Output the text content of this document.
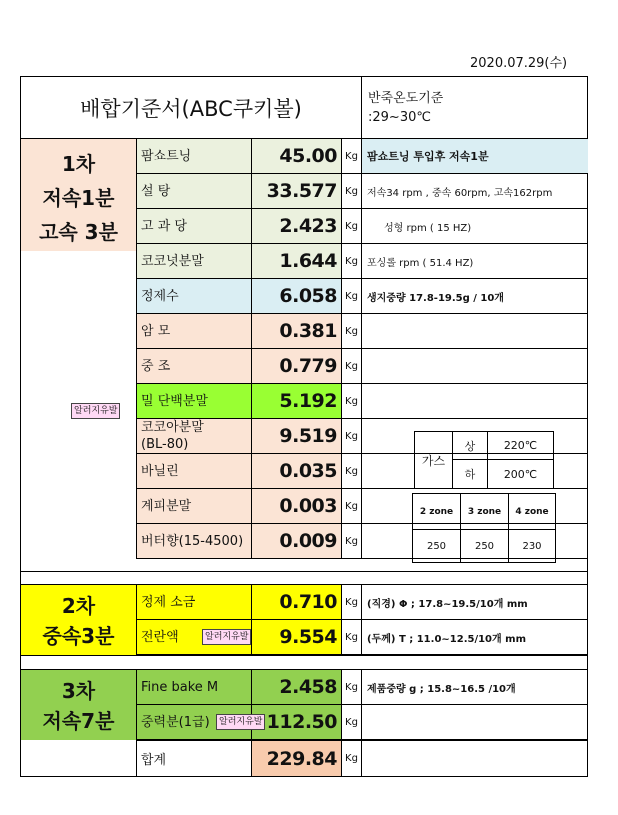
2020.07.29(수)
배합기준서(ABC쿠키볼)	반죽온도기준
:29~30℃
1차
저속1분
고속 3분
팜쇼트닝	45.00 Kg 팜쇼트닝 투입후 저속1분
설 탕	33.577 Kg 저속34 rpm , 중속 60rpm, 고속162rpm
고 과 당	2.423 Kg	성형 rpm ( 15 HZ)
코코넛분말	1.644 Kg 포싱롤 rpm ( 51.4 HZ)
정제수	6.058 Kg 생지중량 17.8-19.5g / 10개
암 모	0.381 Kg
중 조	0.779 Kg
밀 단백분말	5.192 Kg
코코아분말
(BL-80)	9.519 Kg
바닐린	0.035 Kg
계피분말	0.003 Kg
버터향(15-4500)	0.009 Kg
정제 소금	0.710 Kg (직경) Φ ; 17.8~19.5/10개 mm
전란액	9.554 Kg (두께) T ; 11.0~12.5/10개 mm
Fine bake M	2.458 Kg 제품중량 g ; 15.8~16.5 /10개
중력분(1급)	112.50 Kg
2차
중속3분
3차
저속7분
합계	229.84 Kg
알러지유발
알러지유발
알러지유발
가스
상	220℃
하	200℃
2 zone	3 zone	4 zone
250	250	230
